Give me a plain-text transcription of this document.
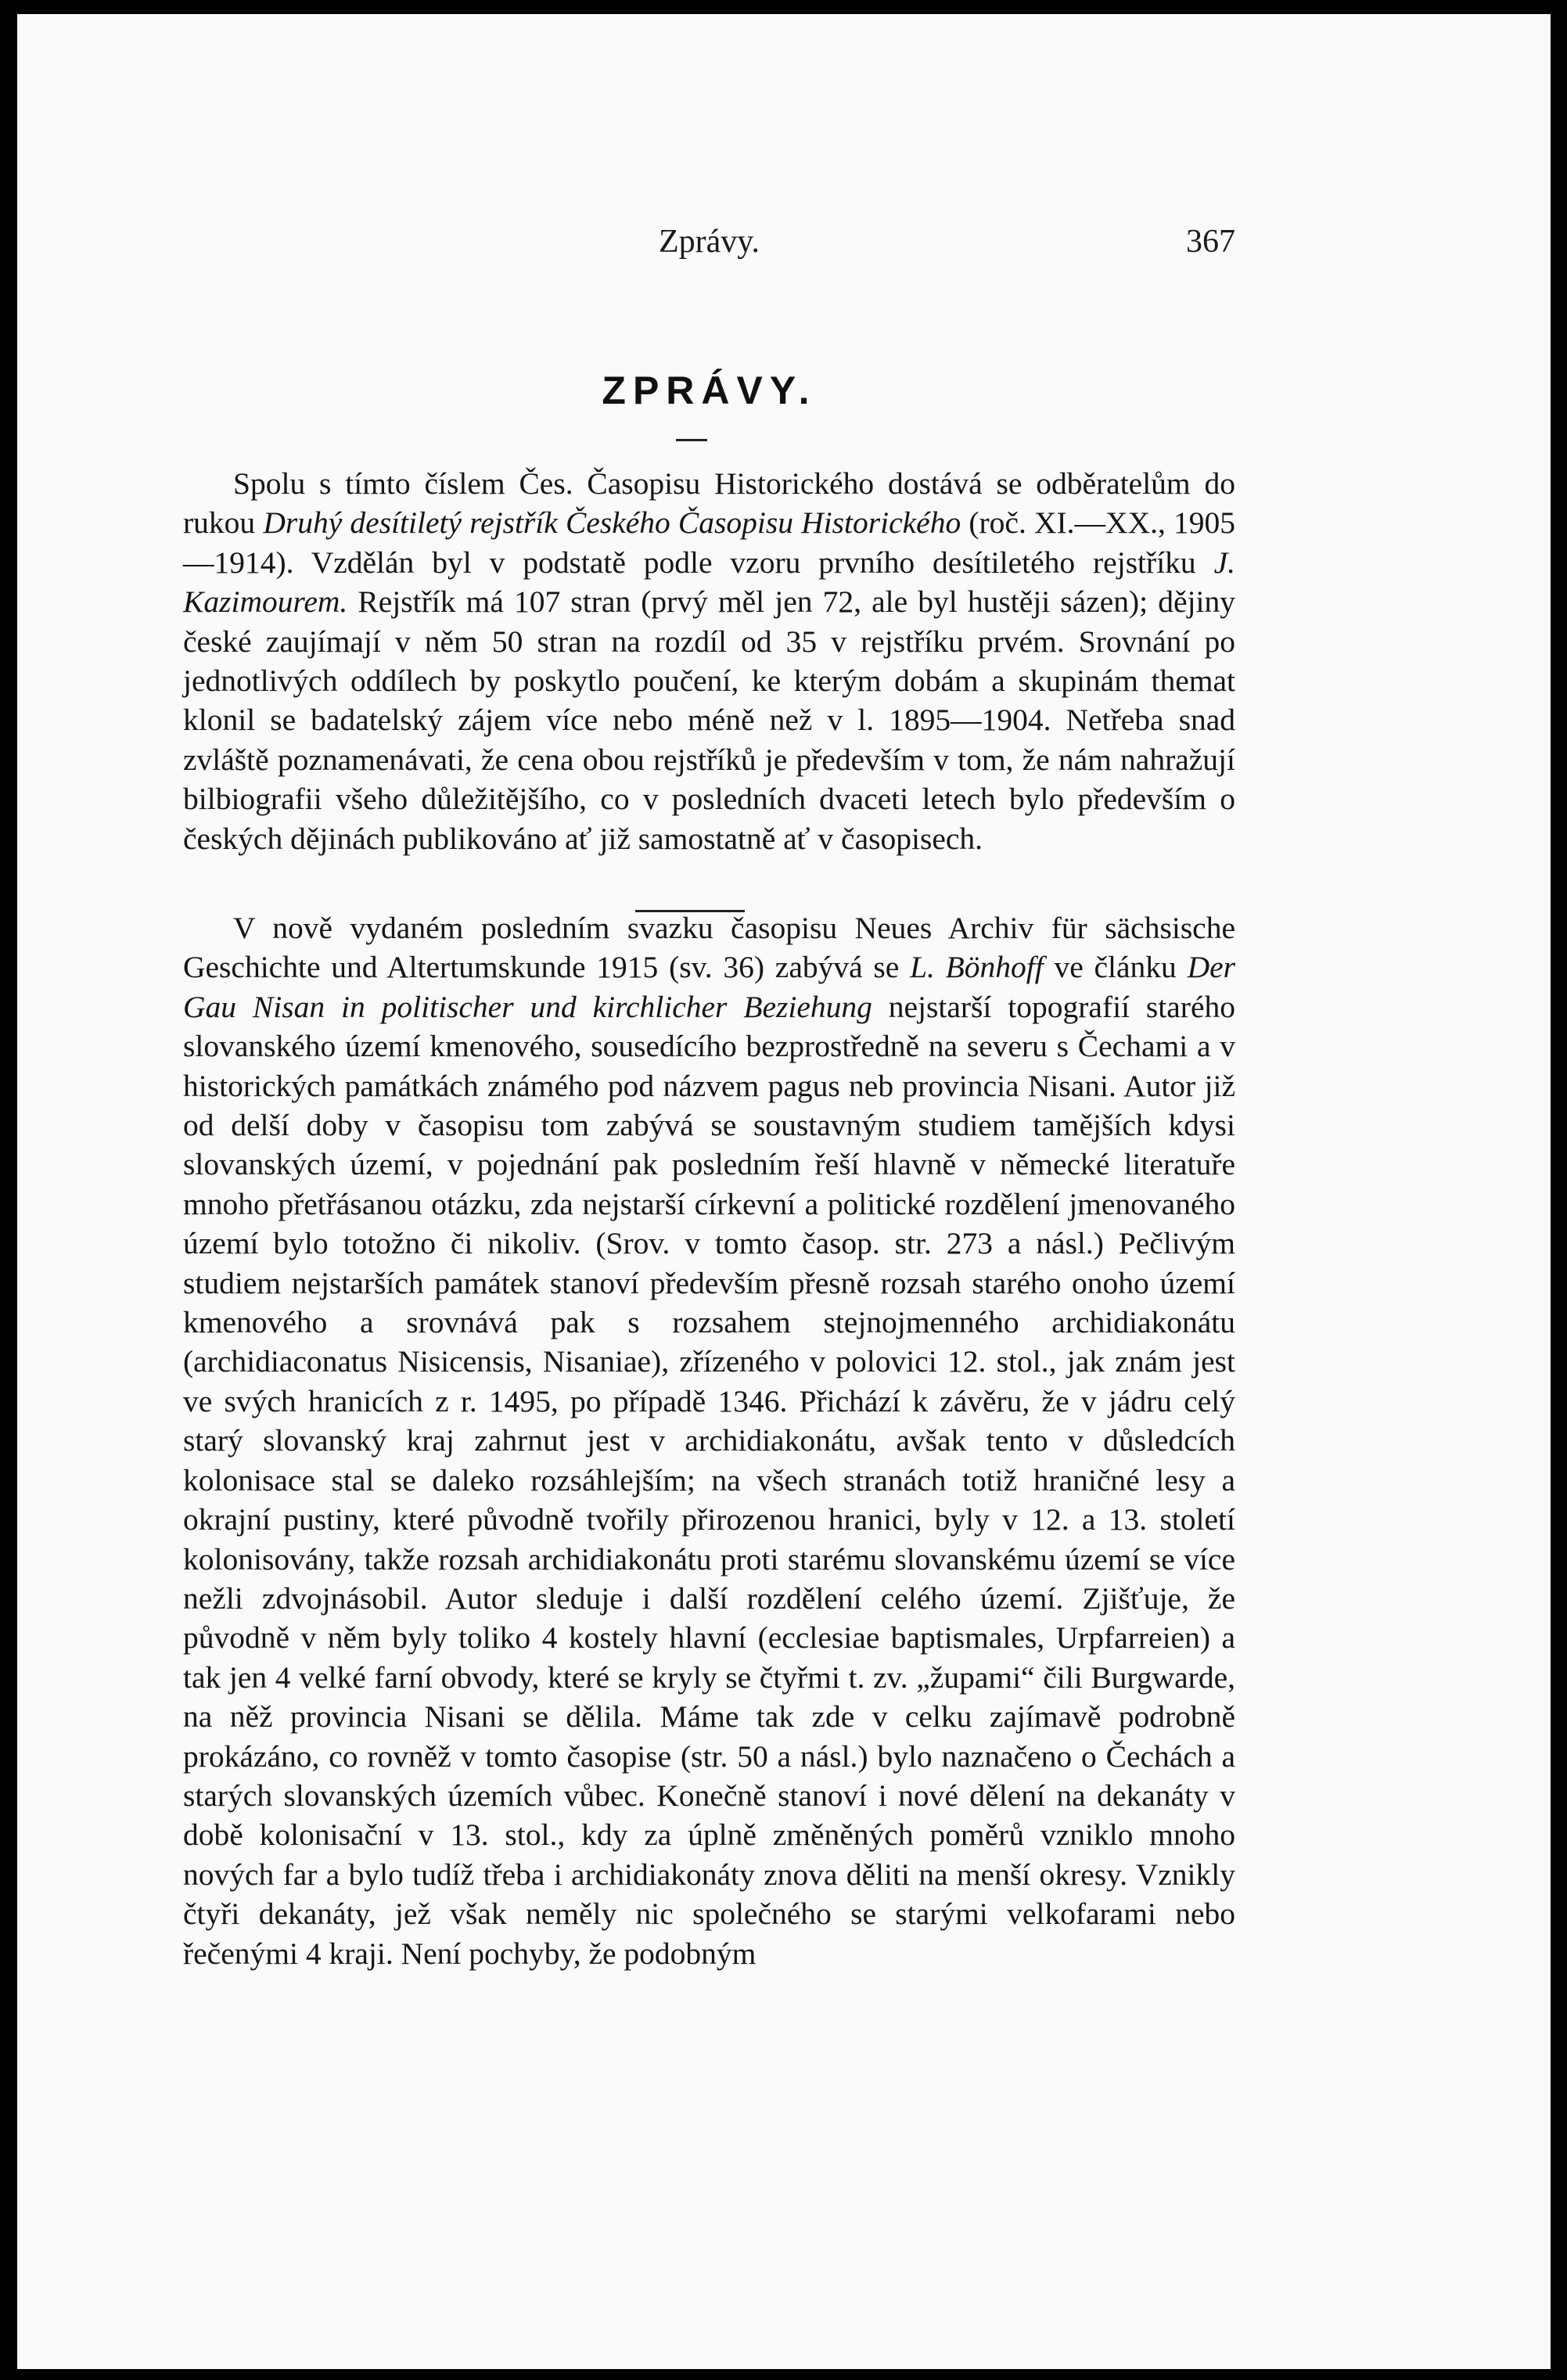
Zprávy.	367
ZPRÁVY.

Spolu s tímto číslem Čes. Časopisu Historického dostává se odběratelům do rukou Druhý desítiletý rejstřík Českého Časopisu Historického (roč. XI.—XX., 1905—1914). Vzdělán byl v podstatě podle vzoru prvního desítiletého rejstříku J. Kazimourem. Rejstřík má 107 stran (prvý měl jen 72, ale byl hustěji sázen); dějiny české zaujímají v něm 50 stran na rozdíl od 35 v rejstříku prvém. Srovnání po jednotlivých oddílech by poskytlo poučení, ke kterým dobám a skupinám themat klonil se badatelský zájem více nebo méně než v l. 1895—1904. Netřeba snad zvláště poznamenávati, že cena obou rejstříků je především v tom, že nám nahražují bilbiografii všeho důležitějšího, co v posledních dvaceti letech bylo především o českých dějinách publikováno ať již samostatně ať v časopisech.

V nově vydaném posledním svazku časopisu Neues Archiv für sächsische Geschichte und Altertumskunde 1915 (sv. 36) zabývá se L. Bönhoff ve článku Der Gau Nisan in politischer und kirchlicher Beziehung nejstarší topografií starého slovanského území kmenového, sousedícího bezprostředně na severu s Čechami a v historických památkách známého pod názvem pagus neb provincia Nisani. Autor již od delší doby v časopisu tom zabývá se soustavným studiem tamějších kdysi slovanských území, v pojednání pak posledním řeší hlavně v německé literatuře mnoho přetřásanou otázku, zda nejstarší církevní a politické rozdělení jmenovaného území bylo totožno či nikoliv. (Srov. v tomto časop. str. 273 a násl.) Pečlivým studiem nejstarších památek stanoví především přesně rozsah starého onoho území kmenového a srovnává pak s rozsahem stejnojmenného archidiakonátu (archidiaconatus Nisicensis, Nisaniae), zřízeného v polovici 12. stol., jak znám jest ve svých hranicích z r. 1495, po případě 1346. Přichází k závěru, že v jádru celý starý slovanský kraj zahrnut jest v archidiakonátu, avšak tento v důsledcích kolonisace stal se daleko rozsáhlejším; na všech stranách totiž hraničné lesy a okrajní pustiny, které původně tvořily přirozenou hranici, byly v 12. a 13. století kolonisovány, takže rozsah archidiakonátu proti starému slovanskému území se více nežli zdvojnásobil. Autor sleduje i další rozdělení celého území. Zjišťuje, že původně v něm byly toliko 4 kostely hlavní (ecclesiae baptismales, Urpfarreien) a tak jen 4 velké farní obvody, které se kryly se čtyřmi t. zv. „župami“ čili Burgwarde, na něž provincia Nisani se dělila. Máme tak zde v celku zajímavě podrobně prokázáno, co rovněž v tomto časopise (str. 50 a násl.) bylo naznačeno o Čechách a starých slovanských územích vůbec. Konečně stanoví i nové dělení na dekanáty v době kolonisační v 13. stol., kdy za úplně změněných poměrů vzniklo mnoho nových far a bylo tudíž třeba i archidiakonáty znova děliti na menší okresy. Vznikly čtyři dekanáty, jež však neměly nic společného se starými velkofarami nebo řečenými 4 kraji. Není pochyby, že podobným
